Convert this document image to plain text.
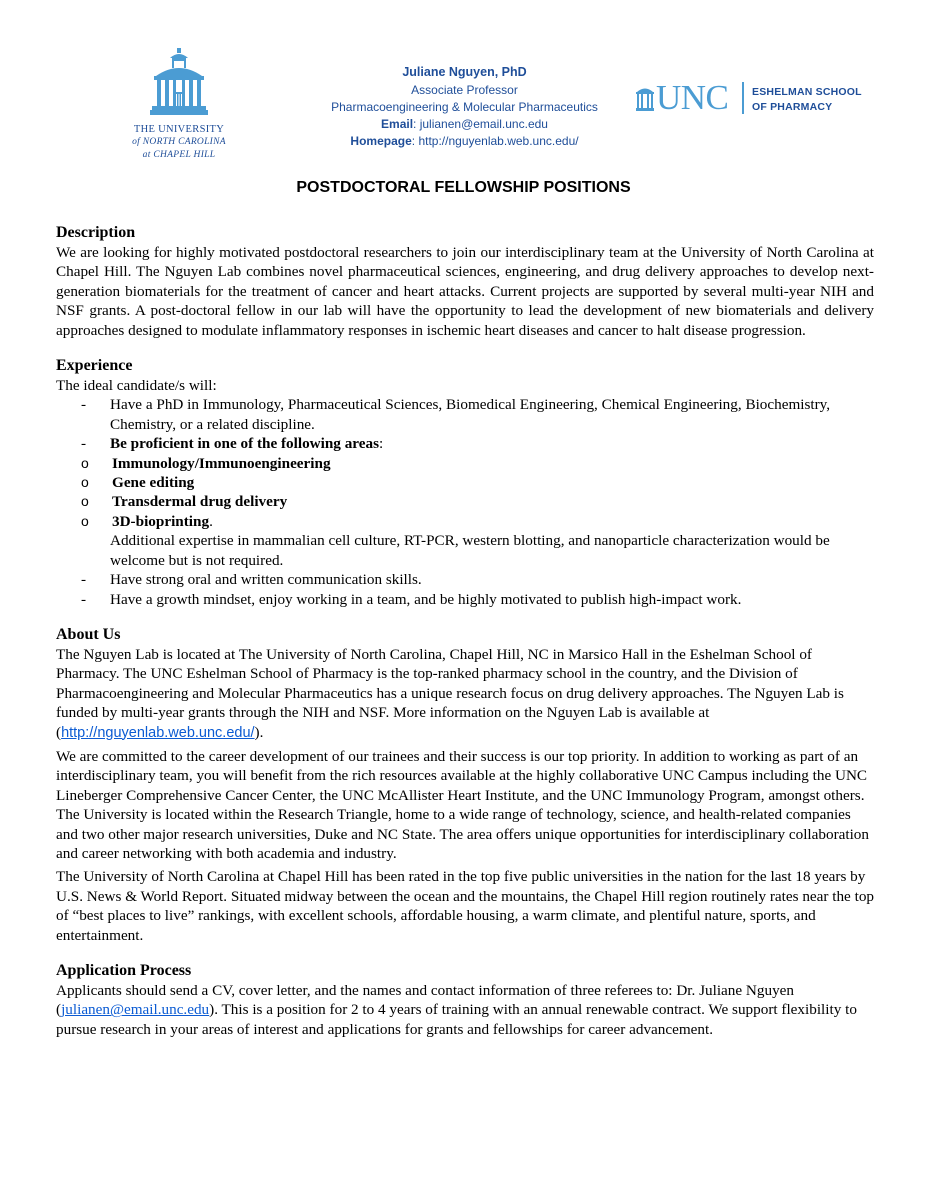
THE UNIVERSITY
of NORTH CAROLINA
at CHAPEL HILL
Juliane Nguyen, PhD
Associate Professor
Pharmacoengineering & Molecular Pharmaceutics
Email: julianen@email.unc.edu
Homepage: http://nguyenlab.web.unc.edu/
UNC ESHELMAN SCHOOL
OF PHARMACY
POSTDOCTORAL FELLOWSHIP POSITIONS
Description

We are looking for highly motivated postdoctoral researchers to join our interdisciplinary team at the University of North Carolina at Chapel Hill. The Nguyen Lab combines novel pharmaceutical sciences, engineering, and drug delivery approaches to develop next-generation biomaterials for the treatment of cancer and heart attacks. Current projects are supported by several multi-year NIH and NSF grants. A post-doctoral fellow in our lab will have the opportunity to lead the development of new biomaterials and delivery approaches designed to modulate inflammatory responses in ischemic heart diseases and cancer to halt disease progression.

Experience
The ideal candidate/s will:
- Have a PhD in Immunology, Pharmaceutical Sciences, Biomedical Engineering, Chemical Engineering, Biochemistry, Chemistry, or a related discipline.
- Be proficient in one of the following areas:
o Immunology/Immunoengineering
o Gene editing
o Transdermal drug delivery
o 3D-bioprinting.
Additional expertise in mammalian cell culture, RT-PCR, western blotting, and nanoparticle characterization would be welcome but is not required.
- Have strong oral and written communication skills.
- Have a growth mindset, enjoy working in a team, and be highly motivated to publish high-impact work.
About Us

The Nguyen Lab is located at The University of North Carolina, Chapel Hill, NC in Marsico Hall in the Eshelman School of Pharmacy. The UNC Eshelman School of Pharmacy is the top-ranked pharmacy school in the country, and the Division of Pharmacoengineering and Molecular Pharmaceutics has a unique research focus on drug delivery approaches. The Nguyen Lab is funded by multi-year grants through the NIH and NSF. More information on the Nguyen Lab is available at (http://nguyenlab.web.unc.edu/).

We are committed to the career development of our trainees and their success is our top priority. In addition to working as part of an interdisciplinary team, you will benefit from the rich resources available at the highly collaborative UNC Campus including the UNC Lineberger Comprehensive Cancer Center, the UNC McAllister Heart Institute, and the UNC Immunology Program, amongst others. The University is located within the Research Triangle, home to a wide range of technology, science, and health-related companies and two other major research universities, Duke and NC State. The area offers unique opportunities for interdisciplinary collaboration and career networking with both academia and industry.

The University of North Carolina at Chapel Hill has been rated in the top five public universities in the nation for the last 18 years by U.S. News & World Report. Situated midway between the ocean and the mountains, the Chapel Hill region routinely rates near the top of “best places to live” rankings, with excellent schools, affordable housing, a warm climate, and plentiful nature, sports, and entertainment.

Application Process

Applicants should send a CV, cover letter, and the names and contact information of three referees to: Dr. Juliane Nguyen (julianen@email.unc.edu). This is a position for 2 to 4 years of training with an annual renewable contract. We support flexibility to pursue research in your areas of interest and applications for grants and fellowships for career advancement.
